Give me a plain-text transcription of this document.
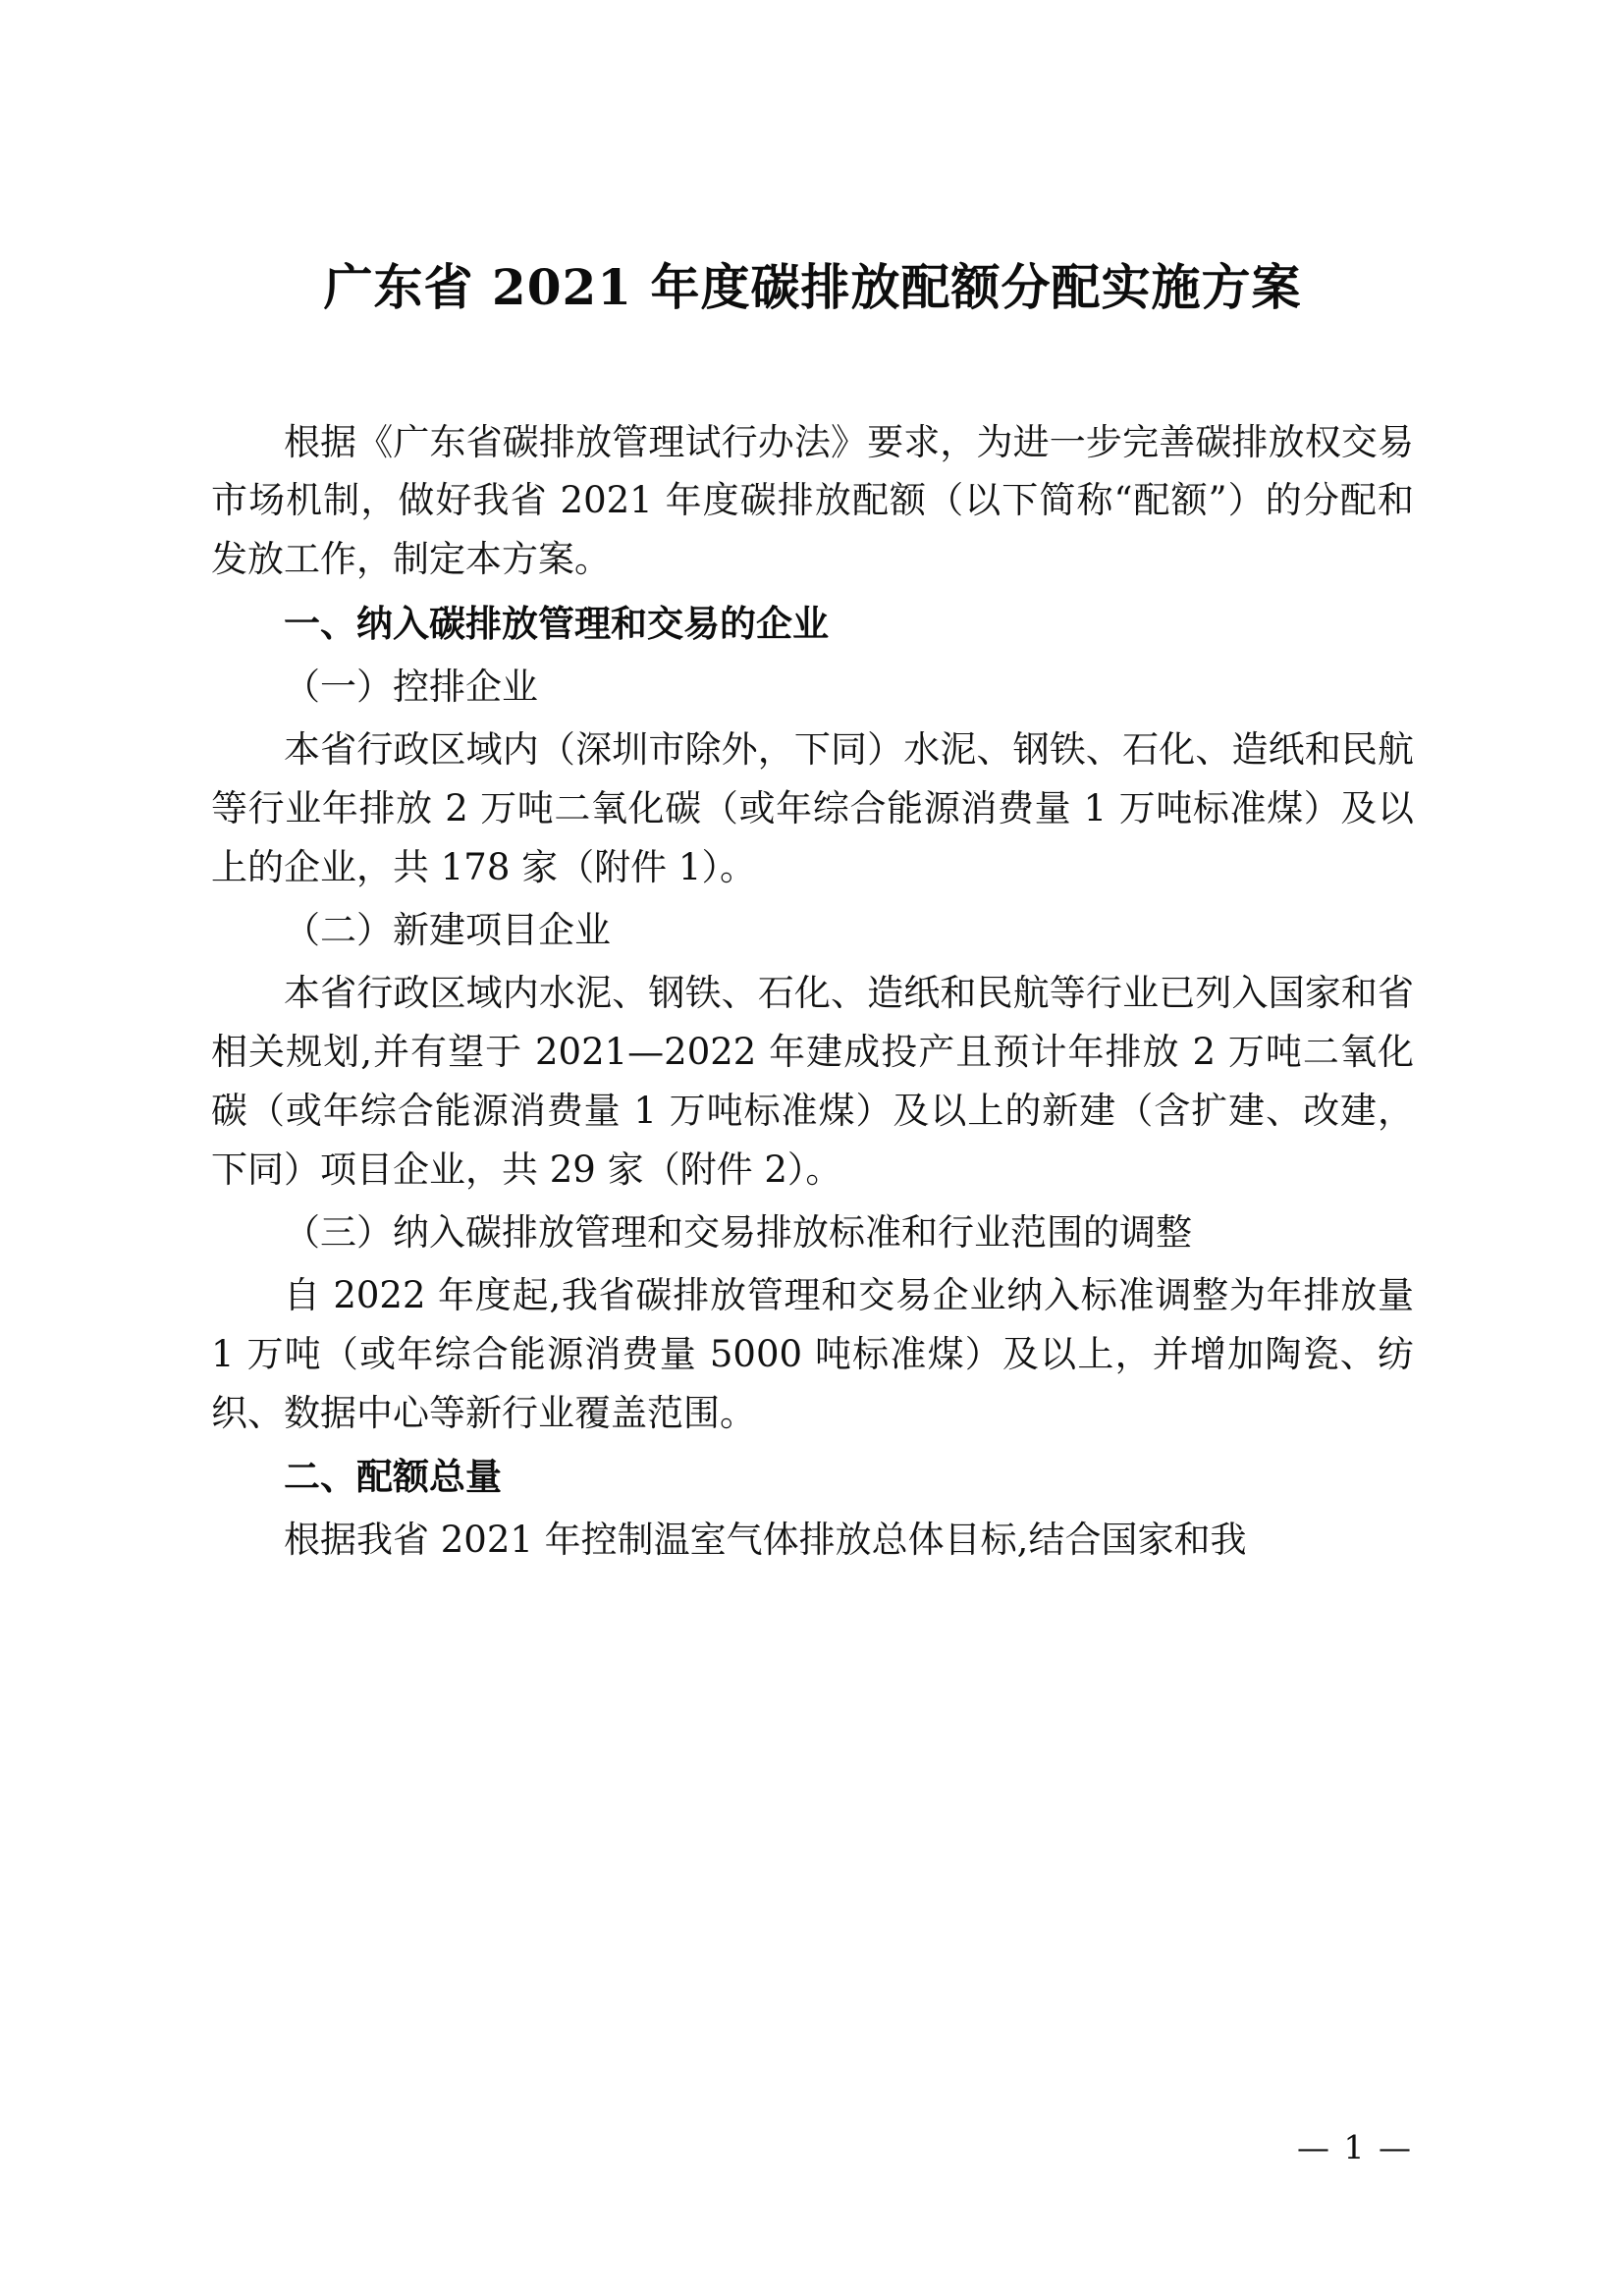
广东省 2021 年度碳排放配额分配实施方案

根据《广东省碳排放管理试行办法》要求，为进一步完善碳排放权交易市场机制，做好我省 2021 年度碳排放配额（以下简称“配额”）的分配和发放工作，制定本方案。

一、纳入碳排放管理和交易的企业

（一）控排企业

本省行政区域内（深圳市除外，下同）水泥、钢铁、石化、造纸和民航等行业年排放 2 万吨二氧化碳（或年综合能源消费量 1 万吨标准煤）及以上的企业，共 178 家（附件 1）。

（二）新建项目企业

本省行政区域内水泥、钢铁、石化、造纸和民航等行业已列入国家和省相关规划,并有望于 2021—2022 年建成投产且预计年排放 2 万吨二氧化碳（或年综合能源消费量 1 万吨标准煤）及以上的新建（含扩建、改建，下同）项目企业，共 29 家（附件 2）。

（三）纳入碳排放管理和交易排放标准和行业范围的调整

自 2022 年度起,我省碳排放管理和交易企业纳入标准调整为年排放量 1 万吨（或年综合能源消费量 5000 吨标准煤）及以上，并增加陶瓷、纺织、数据中心等新行业覆盖范围。

二、配额总量

根据我省 2021 年控制温室气体排放总体目标,结合国家和我

— 1 —
